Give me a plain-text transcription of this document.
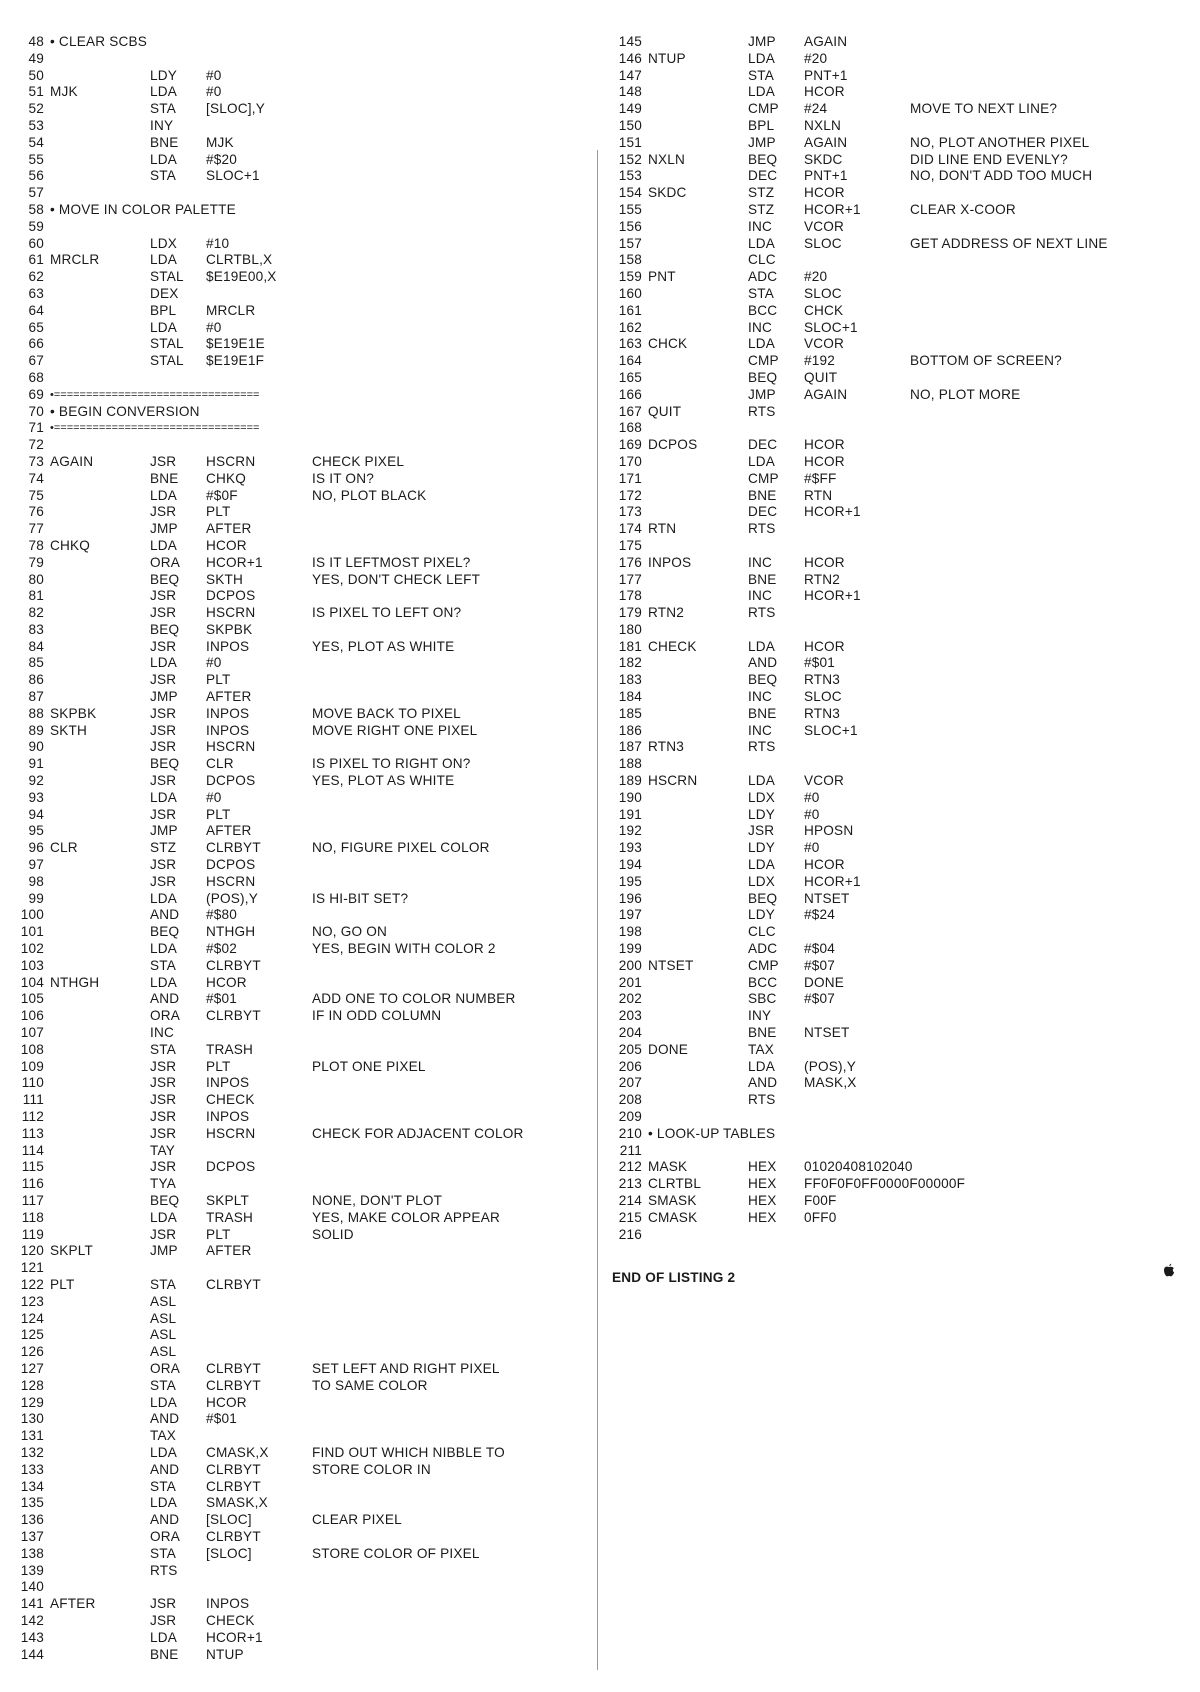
48 • CLEAR SCBS
49
50	LDY #0
51 MJK	LDA #0
52	STA [SLOC],Y
53	INY
54	BNE MJK
55	LDA #$20
56	STA SLOC+1
57
58 • MOVE IN COLOR PALETTE
59
60	LDX #10
61 MRCLR	LDA CLRTBL,X
62	STAL $E19E00,X
63	DEX
64	BPL MRCLR
65	LDA #0
66	STAL $E19E1E
67	STAL $E19E1F
68
69 •================================
70 • BEGIN CONVERSION
71 •================================
72
73 AGAIN	JSR HSCRN	CHECK PIXEL
74	BNE CHKQ	IS IT ON?
75	LDA #$0F	NO, PLOT BLACK
76	JSR PLT
77	JMP AFTER
78 CHKQ	LDA HCOR
79	ORA HCOR+1	IS IT LEFTMOST PIXEL?
80	BEQ SKTH	YES, DON'T CHECK LEFT
81	JSR DCPOS
82	JSR HSCRN	IS PIXEL TO LEFT ON?
83	BEQ SKPBK
84	JSR INPOS	YES, PLOT AS WHITE
85	LDA #0
86	JSR PLT
87	JMP AFTER
88 SKPBK	JSR INPOS	MOVE BACK TO PIXEL
89 SKTH	JSR INPOS	MOVE RIGHT ONE PIXEL
90	JSR HSCRN
91	BEQ CLR	IS PIXEL TO RIGHT ON?
92	JSR DCPOS	YES, PLOT AS WHITE
93	LDA #0
94	JSR PLT
95	JMP AFTER
96 CLR	STZ CLRBYT	NO, FIGURE PIXEL COLOR
97	JSR DCPOS
98	JSR HSCRN
99	LDA (POS),Y	IS HI-BIT SET?
100	AND #$80
101	BEQ NTHGH	NO, GO ON
102	LDA #$02	YES, BEGIN WITH COLOR 2
103	STA CLRBYT
104 NTHGH	LDA HCOR
105	AND #$01	ADD ONE TO COLOR NUMBER
106	ORA CLRBYT	IF IN ODD COLUMN
107	INC
108	STA TRASH
109	JSR PLT	PLOT ONE PIXEL
110	JSR INPOS
111	JSR CHECK
112	JSR INPOS
113	JSR HSCRN	CHECK FOR ADJACENT COLOR
114	TAY
115	JSR DCPOS
116	TYA
117	BEQ SKPLT	NONE, DON'T PLOT
118	LDA TRASH	YES, MAKE COLOR APPEAR
119	JSR PLT	SOLID
120 SKPLT	JMP AFTER
121
122 PLT	STA CLRBYT
123	ASL
124	ASL
125	ASL
126	ASL
127	ORA CLRBYT	SET LEFT AND RIGHT PIXEL
128	STA CLRBYT	TO SAME COLOR
129	LDA HCOR
130	AND #$01
131	TAX
132	LDA CMASK,X	FIND OUT WHICH NIBBLE TO
133	AND CLRBYT	STORE COLOR IN
134	STA CLRBYT
135	LDA SMASK,X
136	AND [SLOC]	CLEAR PIXEL
137	ORA CLRBYT
138	STA [SLOC]	STORE COLOR OF PIXEL
139	RTS
140
141 AFTER	JSR INPOS
142	JSR CHECK
143	LDA HCOR+1
144	BNE NTUP
145	JMP AGAIN
146 NTUP	LDA #20
147	STA PNT+1
148	LDA HCOR
149	CMP #24	MOVE TO NEXT LINE?
150	BPL NXLN
151	JMP AGAIN	NO, PLOT ANOTHER PIXEL
152 NXLN	BEQ SKDC	DID LINE END EVENLY?
153	DEC PNT+1	NO, DON'T ADD TOO MUCH
154 SKDC	STZ HCOR
155	STZ HCOR+1	CLEAR X-COOR
156	INC VCOR
157	LDA SLOC	GET ADDRESS OF NEXT LINE
158	CLC
159 PNT	ADC #20
160	STA SLOC
161	BCC CHCK
162	INC SLOC+1
163 CHCK	LDA VCOR
164	CMP #192	BOTTOM OF SCREEN?
165	BEQ QUIT
166	JMP AGAIN	NO, PLOT MORE
167 QUIT	RTS
168
169 DCPOS	DEC HCOR
170	LDA HCOR
171	CMP #$FF
172	BNE RTN
173	DEC HCOR+1
174 RTN	RTS
175
176 INPOS	INC HCOR
177	BNE RTN2
178	INC HCOR+1
179 RTN2	RTS
180
181 CHECK	LDA HCOR
182	AND #$01
183	BEQ RTN3
184	INC SLOC
185	BNE RTN3
186	INC SLOC+1
187 RTN3	RTS
188
189 HSCRN	LDA VCOR
190	LDX #0
191	LDY #0
192	JSR HPOSN
193	LDY #0
194	LDA HCOR
195	LDX HCOR+1
196	BEQ NTSET
197	LDY #$24
198	CLC
199	ADC #$04
200 NTSET	CMP #$07
201	BCC DONE
202	SBC #$07
203	INY
204	BNE NTSET
205 DONE	TAX
206	LDA (POS),Y
207	AND MASK,X
208	RTS
209
210 • LOOK-UP TABLES
211
212 MASK	HEX 01020408102040
213 CLRTBL	HEX FF0F0F0FF0000F00000F
214 SMASK	HEX F00F
215 CMASK	HEX 0FF0
216
END OF LISTING 2
